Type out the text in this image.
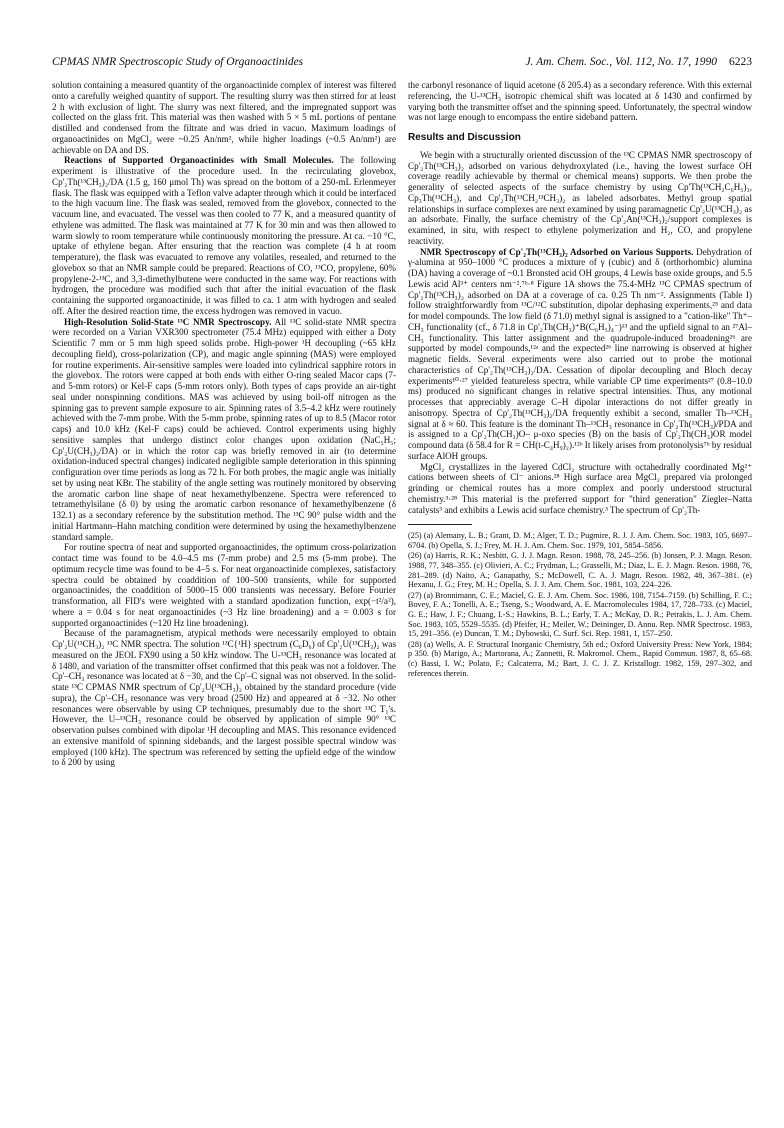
CPMAS NMR Spectroscopic Study of Organoactinides	J. Am. Chem. Soc., Vol. 112, No. 17, 1990 6223

solution containing a measured quantity of the organoactinide complex of interest was filtered onto a carefully weighed quantity of support. The resulting slurry was then stirred for at least 2 h with exclusion of light. The slurry was next filtered, and the impregnated support was collected on the glass frit. This material was then washed with 5 × 5 mL portions of pentane distilled and condensed from the filtrate and was dried in vacuo. Maximum loadings of organoactinides on MgCl₂ were ~0.25 An/nm², while higher loadings (~0.5 An/nm²) are achievable on DA and DS.

Reactions of Supported Organoactinides with Small Molecules. The following experiment is illustrative of the procedure used. In the recirculating glovebox, Cp'₂Th(¹³CH₃)₂/DA (1.5 g, 160 μmol Th) was spread on the bottom of a 250-mL Erlenmeyer flask. The flask was equipped with a Teflon valve adapter through which it could be interfaced to the high vacuum line. The flask was sealed, removed from the glovebox, connected to the vacuum line, and evacuated. The vessel was then cooled to 77 K, and a measured quantity of ethylene was admitted. The flask was maintained at 77 K for 30 min and was then allowed to warm slowly to room temperature while continuously monitoring the pressure. At ca. −10 °C, uptake of ethylene began. After ensuring that the reaction was complete (4 h at room temperature), the flask was evacuated to remove any volatiles, resealed, and returned to the glovebox so that an NMR sample could be prepared. Reactions of CO, ¹³CO, propylene, 60% propylene-2-¹³C, and 3,3-dimethylbutene were conducted in the same way. For reactions with hydrogen, the procedure was modified such that after the initial evacuation of the flask containing the supported organoactinide, it was filled to ca. 1 atm with hydrogen and sealed off. After the desired reaction time, the excess hydrogen was removed in vacuo.

High-Resolution Solid-State ¹³C NMR Spectroscopy. All ¹³C solid-state NMR spectra were recorded on a Varian VXR300 spectrometer (75.4 MHz) equipped with either a Doty Scientific 7 mm or 5 mm high speed solids probe. High-power ¹H decoupling (~65 kHz decoupling field), cross-polarization (CP), and magic angle spinning (MAS) were employed for routine experiments. Air-sensitive samples were loaded into cylindrical sapphire rotors in the glovebox. The rotors were capped at both ends with either O-ring sealed Macor caps (7- and 5-mm rotors) or Kel-F caps (5-mm rotors only). Both types of caps provide an air-tight seal under nonspinning conditions. MAS was achieved by using boil-off nitrogen as the spinning gas to prevent sample exposure to air. Spinning rates of 3.5–4.2 kHz were routinely achieved with the 7-mm probe. With the 5-mm probe, spinning rates of up to 8.5 (Macor rotor caps) and 10.0 kHz (Kel-F caps) could be achieved. Control experiments using highly sensitive samples that undergo distinct color changes upon oxidation (NaC₅H₅; Cp'₂U(CH₃)₂/DA) or in which the rotor cap was briefly removed in air (to determine oxidation-induced spectral changes) indicated negligible sample deterioration in this spinning configuration over time periods as long as 72 h. For both probes, the magic angle was initially set by using neat KBr. The stability of the angle setting was routinely monitored by observing the aromatic carbon line shape of neat hexamethylbenzene. Spectra were referenced to tetramethylsilane (δ 0) by using the aromatic carbon resonance of hexamethylbenzene (δ 132.1) as a secondary reference by the substitution method. The ¹³C 90° pulse width and the initial Hartmann–Hahn matching condition were determined by using the hexamethylbenzene standard sample.

For routine spectra of neat and supported organoactinides, the optimum cross-polarization contact time was found to be 4.0–4.5 ms (7-mm probe) and 2.5 ms (5-mm probe). The optimum recycle time was found to be 4–5 s. For neat organoactinide complexes, satisfactory spectra could be obtained by coaddition of 100–500 transients, while for supported organoactinides, the coaddition of 5000–15 000 transients was necessary. Before Fourier transformation, all FID's were weighted with a standard apodization function, exp(−t²/a²), where a = 0.04 s for neat organoactinides (~3 Hz line broadening) and a = 0.003 s for supported organoactinides (~120 Hz line broadening).

Because of the paramagnetism, atypical methods were necessarily employed to obtain Cp'₂U(¹³CH₃)₂ ¹³C NMR spectra. The solution ¹³C{¹H} spectrum (C₆D₆) of Cp'₂U(¹³CH₃)₂ was measured on the JEOL FX90 using a 50 kHz window. The U-¹³CH₃ resonance was located at δ 1480, and variation of the transmitter offset confirmed that this peak was not a foldover. The Cp'–CH₃ resonance was located at δ −30, and the Cp'–C signal was not observed. In the solid-state ¹³C CPMAS NMR spectrum of Cp'₂U(¹³CH₃)₂ obtained by the standard procedure (vide supra), the Cp'–CH₃ resonance was very broad (2500 Hz) and appeared at δ −32. No other resonances were observable by using CP techniques, presumably due to the short ¹³C T₁'s. However, the U–¹³CH₃ resonance could be observed by application of simple 90° ¹³C observation pulses combined with dipolar ¹H decoupling and MAS. This resonance evidenced an extensive manifold of spinning sidebands, and the largest possible spectral window was employed (100 kHz). The spectrum was referenced by setting the upfield edge of the window to δ 200 by using

the carbonyl resonance of liquid acetone (δ 205.4) as a secondary reference. With this external referencing, the U-¹³CH₃ isotropic chemical shift was located at δ 1430 and confirmed by varying both the transmitter offset and the spinning speed. Unfortunately, the spectral window was not large enough to encompass the entire sideband pattern.

Results and Discussion

We begin with a structurally oriented discussion of the ¹³C CPMAS NMR spectroscopy of Cp'₂Th(¹³CH₃)₂ adsorbed on various dehydroxylated (i.e., having the lowest surface OH coverage readily achievable by thermal or chemical means) supports. We then probe the generality of selected aspects of the surface chemistry by using Cp'Th(¹³CH₂C₆H₅)₃, Cp₃Th(¹³CH₃), and Cp'₂Th(¹³CH₂¹³CH₃)₂ as labeled adsorbates. Methyl group spatial relationships in surface complexes are next examined by using paramagnetic Cp'₂U(¹³CH₃)₂ as an adsorbate. Finally, the surface chemistry of the Cp'₂An(¹³CH₃)₂/support complexes is examined, in situ, with respect to ethylene polymerization and H₂, CO, and propylene reactivity.

NMR Spectroscopy of Cp'₂Th(¹³CH₃)₂ Adsorbed on Various Supports. Dehydration of γ-alumina at 950–1000 °C produces a mixture of γ (cubic) and δ (orthorhombic) alumina (DA) having a coverage of ~0.1 Bronsted acid OH groups, 4 Lewis base oxide groups, and 5.5 Lewis acid Al³⁺ centers nm⁻².⁷ᵇ·⁸ Figure 1A shows the 75.4-MHz ¹³C CPMAS spectrum of Cp'₂Th(¹³CH₃)₂ adsorbed on DA at a coverage of ca. 0.25 Th nm⁻². Assignments (Table I) follow straightforwardly from ¹³C/¹²C substitution, dipolar dephasing experiments,²⁵ and data for model compounds. The low field (δ 71.0) methyl signal is assigned to a "cation-like" Th⁺–CH₃ functionality (cf., δ 71.8 in Cp'₂Th(CH₃)⁺B(C₆H₅)₄⁻)¹³ and the upfield signal to an ²⁷Al–CH₃ functionality. This latter assignment and the quadrupole-induced broadening²⁶ are supported by model compounds,¹²ᵃ and the expected²⁶ line narrowing is observed at higher magnetic fields. Several experiments were also carried out to probe the motional characteristics of Cp'₂Th(¹³CH₃)₂/DA. Cessation of dipolar decoupling and Bloch decay experiments¹⁰·²⁷ yielded featureless spectra, while variable CP time experiments²⁷ (0.8–10.0 ms) produced no significant changes in relative spectral intensities. Thus, any motional processes that appreciably average C–H dipolar interactions do not differ greatly in anisotropy. Spectra of Cp'₂Th(¹³CH₃)₂/DA frequently exhibit a second, smaller Th–¹³CH₃ signal at δ ≈ 60. This feature is the dominant Th–¹³CH₃ resonance in Cp'₂Th(¹³CH₃)/PDA and is assigned to a Cp'₂Th(CH₃)O– μ-oxo species (B) on the basis of Cp'₂Th(CH₃)OR model compound data (δ 58.4 for R = CH(t-C₄H₉)₂).¹²ᵇ It likely arises from protonolysis⁷ᵇ by residual surface AlOH groups.

MgCl₂ crystallizes in the layered CdCl₂ structure with octahedrally coordinated Mg²⁺ cations between sheets of Cl⁻ anions.²⁸ High surface area MgCl₂ prepared via prolonged grinding or chemical routes has a more complex and poorly understood structural chemistry.³·²⁸ This material is the preferred support for "third generation" Ziegler–Natta catalysts³ and exhibits a Lewis acid surface chemistry.³ The spectrum of Cp'₂Th-

(25) (a) Alemany, L. B.; Grant, D. M.; Alger, T. D.; Pugmire, R. J. J. Am. Chem. Soc. 1983, 105, 6697–6704. (b) Opella, S. J.; Frey, M. H. J. Am. Chem. Soc. 1979, 101, 5854–5856.

(26) (a) Harris, R. K.; Nesbitt, G. J. J. Magn. Reson. 1988, 78, 245–256. (b) Jonsen, P. J. Magn. Reson. 1988, 77, 348–355. (c) Olivieri, A. C.; Frydman, L.; Grasselli, M.; Diaz, L. E. J. Magn. Reson. 1988, 76, 281–289. (d) Naito, A.; Ganapathy, S.; McDowell, C. A. J. Magn. Reson. 1982, 48, 367–381. (e) Hexanu, J. G.; Frey, M. H.; Opella, S. J. J. Am. Chem. Soc. 1981, 103, 224–226.

(27) (a) Bronnimann, C. E.; Maciel, G. E. J. Am. Chem. Soc. 1986, 108, 7154–7159. (b) Schilling, F. C.; Bovey, F. A.; Tonelli, A. E.; Tseng, S.; Woodward, A. E. Macromolecules 1984, 17, 728–733. (c) Maciel, G. E.; Haw, J. F.; Chuang, I.-S.; Hawkins, B. L.; Early, T. A.; McKay, D. R.; Petrakis, L. J. Am. Chem. Soc. 1983, 105, 5529–5535. (d) Pfeifer, H.; Meiler, W.; Deininger, D. Annu. Rep. NMR Spectrosc. 1983, 15, 291–356. (e) Duncan, T. M.; Dybowski, C. Surf. Sci. Rep. 1981, 1, 157–250.

(28) (a) Wells, A. F. Structural Inorganic Chemistry, 5th ed.; Oxford University Press: New York, 1984; p 350. (b) Marigo, A.; Martorana, A.; Zannetti, R. Makromol. Chem., Rapid Commun. 1987, 8, 65–68. (c) Bassi, I. W.; Polato, F.; Calcaterra, M.; Bart, J. C. J. Z. Kristallogr. 1982, 159, 297–302, and references therein.
